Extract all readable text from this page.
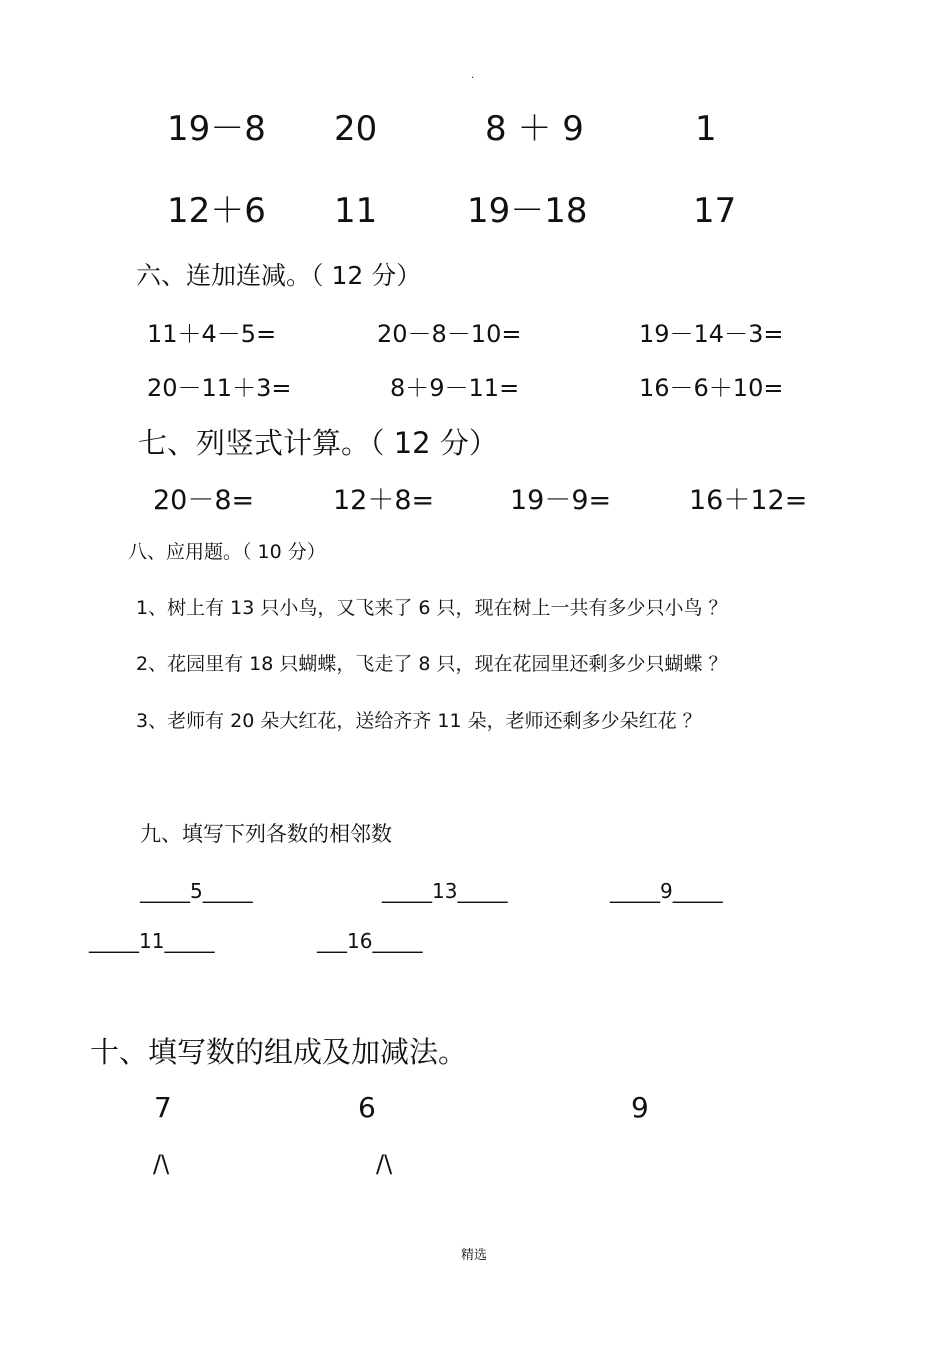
·
19－8 20	8 ＋ 9	1
12＋6 11	19－18	17
六、连加连减。（ 12 分）
11＋4－5=	20－8－10=	19－14－3=
20－11＋3=	8＋9－11=	16－6＋10=
七、列竖式计算。（ 12 分）
20－8=	12＋8=	19－9=	16＋12=
八、应用题。（ 10 分）
1、树上有 13 只小鸟，又飞来了 6 只，现在树上一共有多少只小鸟 ？
2、花园里有 18 只蝴蝶，飞走了 8 只，现在花园里还剩多少只蝴蝶 ？
3、老师有 20 朵大红花，送给齐齐 11 朵，老师还剩多少朵红花 ？
九、填写下列各数的相邻数
_____5_____	_____13_____	_____9_____
_____11_____	___16_____
十、填写数的组成及加减法。
7	6	9
/\	/\
精选
